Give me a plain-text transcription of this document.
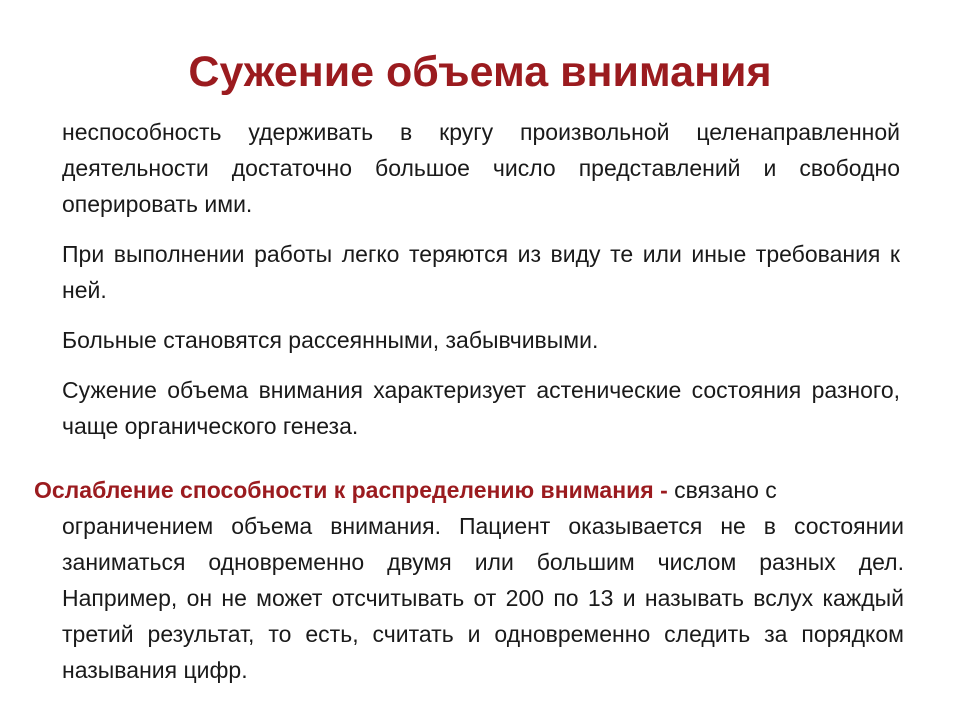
Сужение объема внимания

неспособность удерживать в кругу произвольной целенаправленной деятельности достаточно большое число представлений и свободно оперировать ими.

При выполнении работы легко теряются из виду те или иные требования к ней.

Больные становятся рассеянными, забывчивыми.

Сужение объема внимания характеризует астенические состояния разного, чаще органического генеза.

Ослабление способности к распределению внимания - связано с
ограничением объема внимания. Пациент оказывается не в состоянии заниматься одновременно двумя или большим числом разных дел. Например, он не может отсчитывать от 200 по 13 и называть вслух каждый третий результат, то есть, считать и одновременно следить за порядком называния цифр.
